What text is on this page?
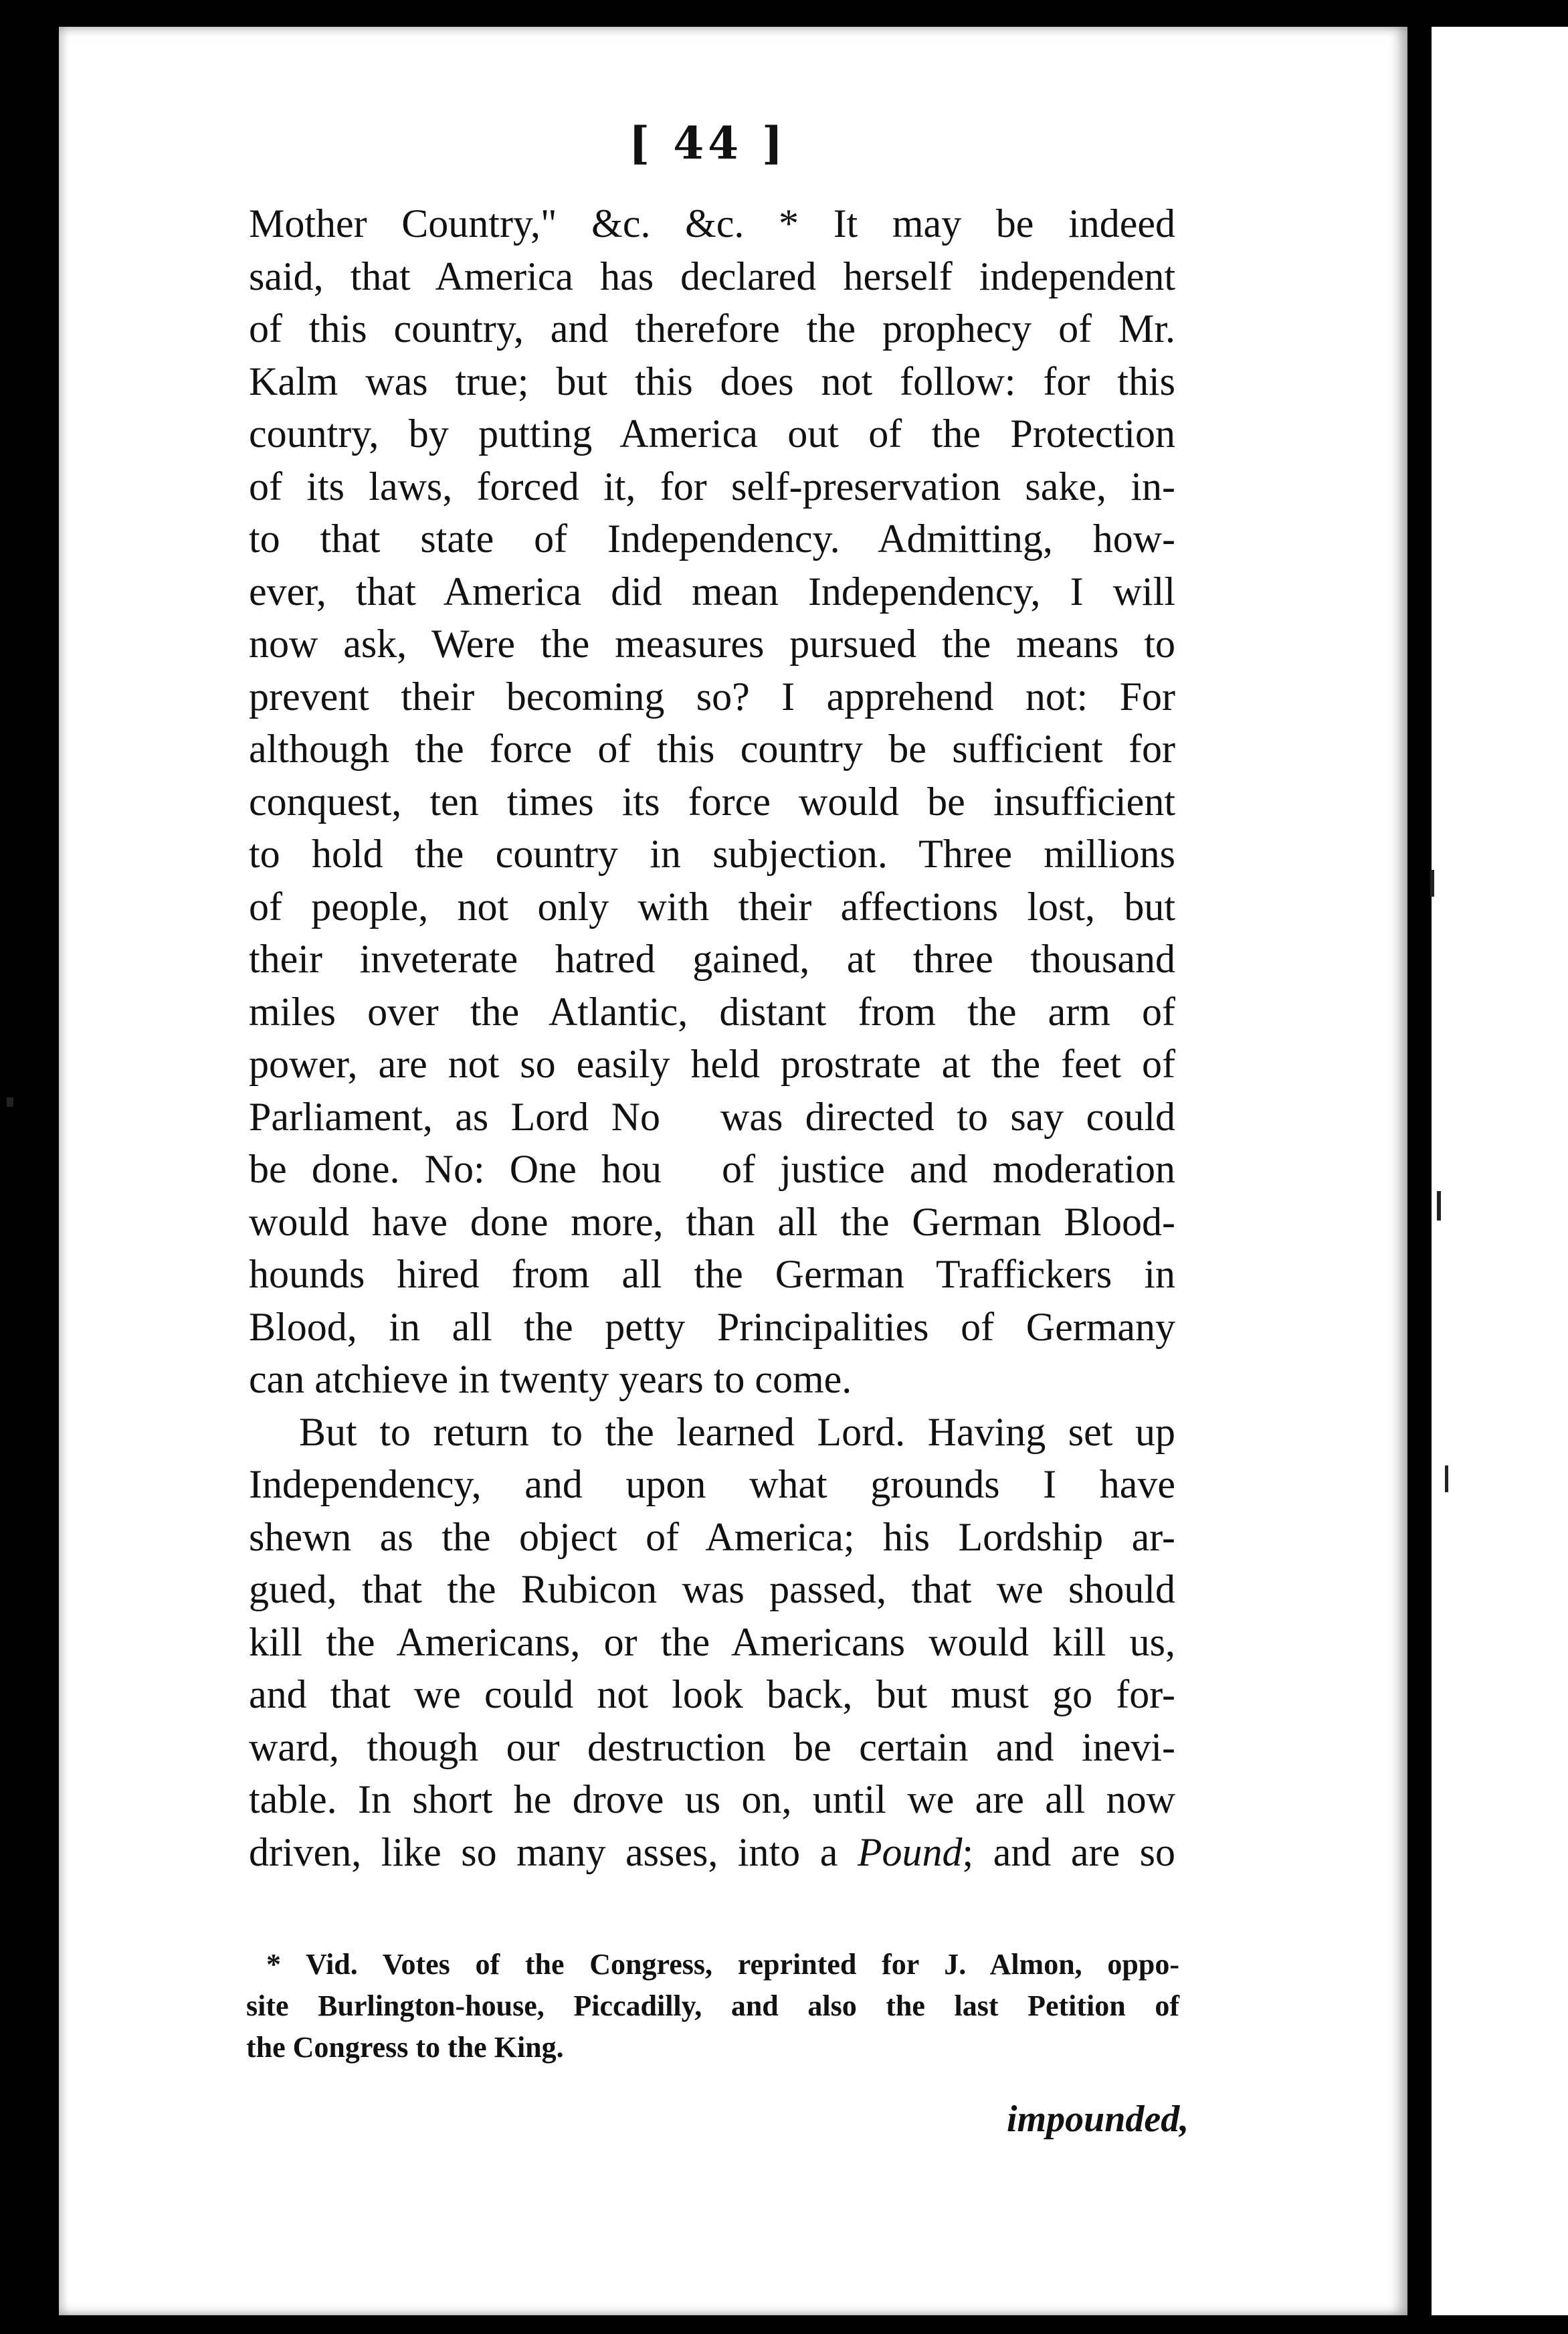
[ 44 ]
Mother Country," &c. &c. * It may be indeed
said, that America has declared herself independent
of this country, and therefore the prophecy of Mr.
Kalm was true; but this does not follow: for this
country, by putting America out of the Protection
of its laws, forced it, for self-preservation sake, in-
to that state of Independency. Admitting, how-
ever, that America did mean Independency, I will
now ask, Were the measures pursued the means to
prevent their becoming so? I apprehend not: For
although the force of this country be sufficient for
conquest, ten times its force would be insufficient
to hold the country in subjection. Three millions
of people, not only with their affections lost, but
their inveterate hatred gained, at three thousand
miles over the Atlantic, distant from the arm of
power, are not so easily held prostrate at the feet of
Parliament, as Lord No was directed to say could
be done. No: One hou of justice and moderation
would have done more, than all the German Blood-
hounds hired from all the German Traffickers in
Blood, in all the petty Principalities of Germany
can atchieve in twenty years to come.
But to return to the learned Lord. Having set up
Independency, and upon what grounds I have
shewn as the object of America; his Lordship ar-
gued, that the Rubicon was passed, that we should
kill the Americans, or the Americans would kill us,
and that we could not look back, but must go for-
ward, though our destruction be certain and inevi-
table. In short he drove us on, until we are all now
driven, like so many asses, into a Pound; and are so
* Vid. Votes of the Congress, reprinted for J. Almon, oppo-
site Burlington-house, Piccadilly, and also the last Petition of
the Congress to the King.
impounded,
